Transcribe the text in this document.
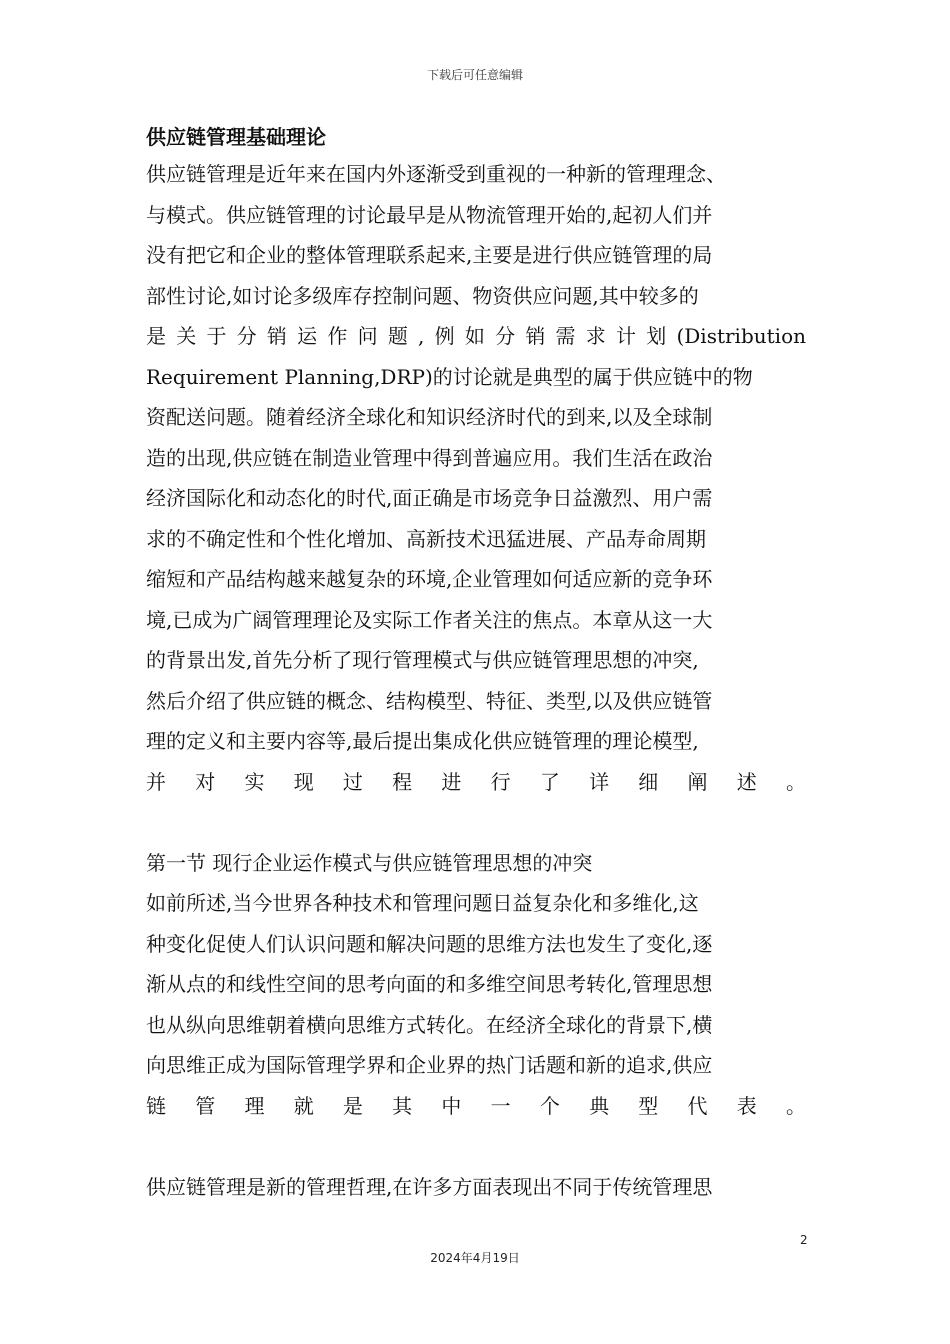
下载后可任意编辑
供应链管理基础理论
供应链管理是近年来在国内外逐渐受到重视的一种新的管理理念、
与模式。供应链管理的讨论最早是从物流管理开始的,起初人们并
没有把它和企业的整体管理联系起来,主要是进行供应链管理的局
部性讨论,如讨论多级库存控制问题、物资供应问题,其中较多的
是关于分销运作问题,例如分销需求计划(Distribution
Requirement Planning,DRP)的讨论就是典型的属于供应链中的物
资配送问题。随着经济全球化和知识经济时代的到来,以及全球制
造的出现,供应链在制造业管理中得到普遍应用。我们生活在政治
经济国际化和动态化的时代,面正确是市场竞争日益激烈、用户需
求的不确定性和个性化增加、高新技术迅猛进展、产品寿命周期
缩短和产品结构越来越复杂的环境,企业管理如何适应新的竞争环
境,已成为广阔管理理论及实际工作者关注的焦点。本章从这一大
的背景出发,首先分析了现行管理模式与供应链管理思想的冲突,
然后介绍了供应链的概念、结构模型、特征、类型,以及供应链管
理的定义和主要内容等,最后提出集成化供应链管理的理论模型,
并 对 实 现 过 程 进 行 了 详 细 阐 述 。
第一节 现行企业运作模式与供应链管理思想的冲突
如前所述,当今世界各种技术和管理问题日益复杂化和多维化,这
种变化促使人们认识问题和解决问题的思维方法也发生了变化,逐
渐从点的和线性空间的思考向面的和多维空间思考转化,管理思想
也从纵向思维朝着横向思维方式转化。在经济全球化的背景下,横
向思维正成为国际管理学界和企业界的热门话题和新的追求,供应
链 管 理 就 是 其 中 一 个 典 型 代 表 。
供应链管理是新的管理哲理,在许多方面表现出不同于传统管理思
2
2024年4月19日
